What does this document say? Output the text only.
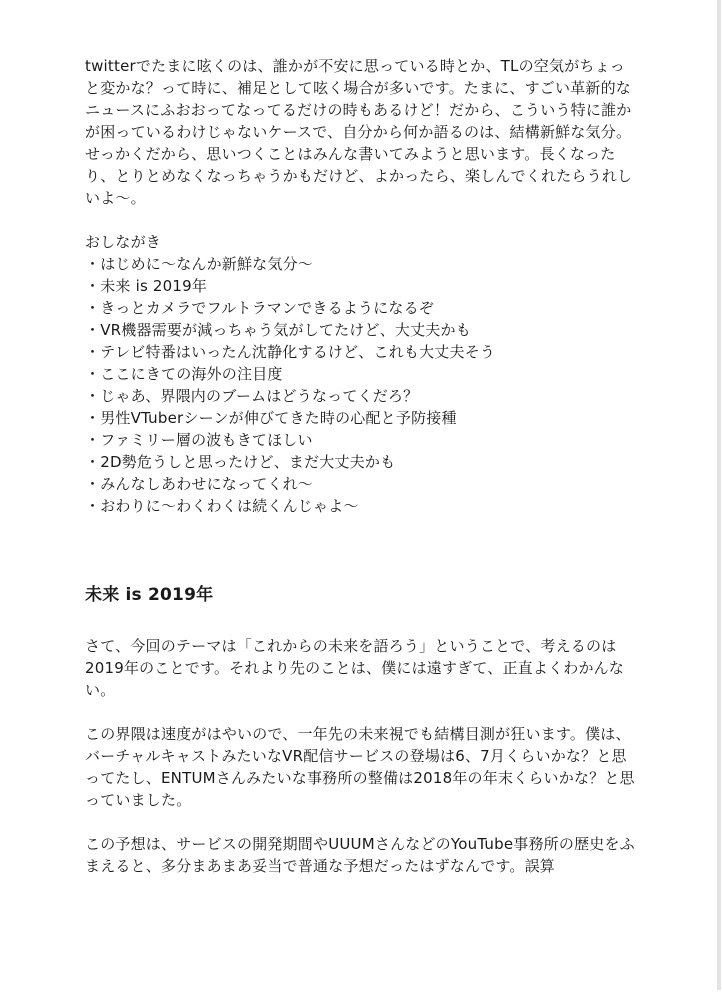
twitterでたまに呟くのは、誰かが不安に思っている時とか、TLの空気がちょっと変かな？って時に、補足として呟く場合が多いです。たまに、すごい革新的なニュースにふおおってなってるだけの時もあるけど！だから、こういう特に誰かが困っているわけじゃないケースで、自分から何か語るのは、結構新鮮な気分。

せっかくだから、思いつくことはみんな書いてみようと思います。長くなったり、とりとめなくなっちゃうかもだけど、よかったら、楽しんでくれたらうれしいよ～。

おしながき

・ はじめに～なんか新鮮な気分～
・ 未来 is 2019年
・ きっとカメラでフルトラマンできるようになるぞ
・ VR機器需要が減っちゃう気がしてたけど、大丈夫かも
・ テレビ特番はいったん沈静化するけど、これも大丈夫そう
・ ここにきての海外の注目度
・ じゃあ、界隈内のブームはどうなってくだろ？
・ 男性VTuberシーンが伸びてきた時の心配と予防接種
・ ファミリー層の波もきてほしい
・ 2D勢危うしと思ったけど、まだ大丈夫かも
・ みんなしあわせになってくれ～
・ おわりに～わくわくは続くんじゃよ～
未来 is 2019年

さて、今回のテーマは「これからの未来を語ろう」ということで、考えるのは2019年のことです。それより先のことは、僕には遠すぎて、正直よくわかんない。

この界隈は速度がはやいので、一年先の未来視でも結構目測が狂います。僕は、バーチャルキャストみたいなVR配信サービスの登場は6、7月くらいかな？と思ってたし、ENTUMさんみたいな事務所の整備は2018年の年末くらいかな？と思っていました。

この予想は、サービスの開発期間やUUUMさんなどのYouTube事務所の歴史をふまえると、多分まあまあ妥当で普通な予想だったはずなんです。誤算
